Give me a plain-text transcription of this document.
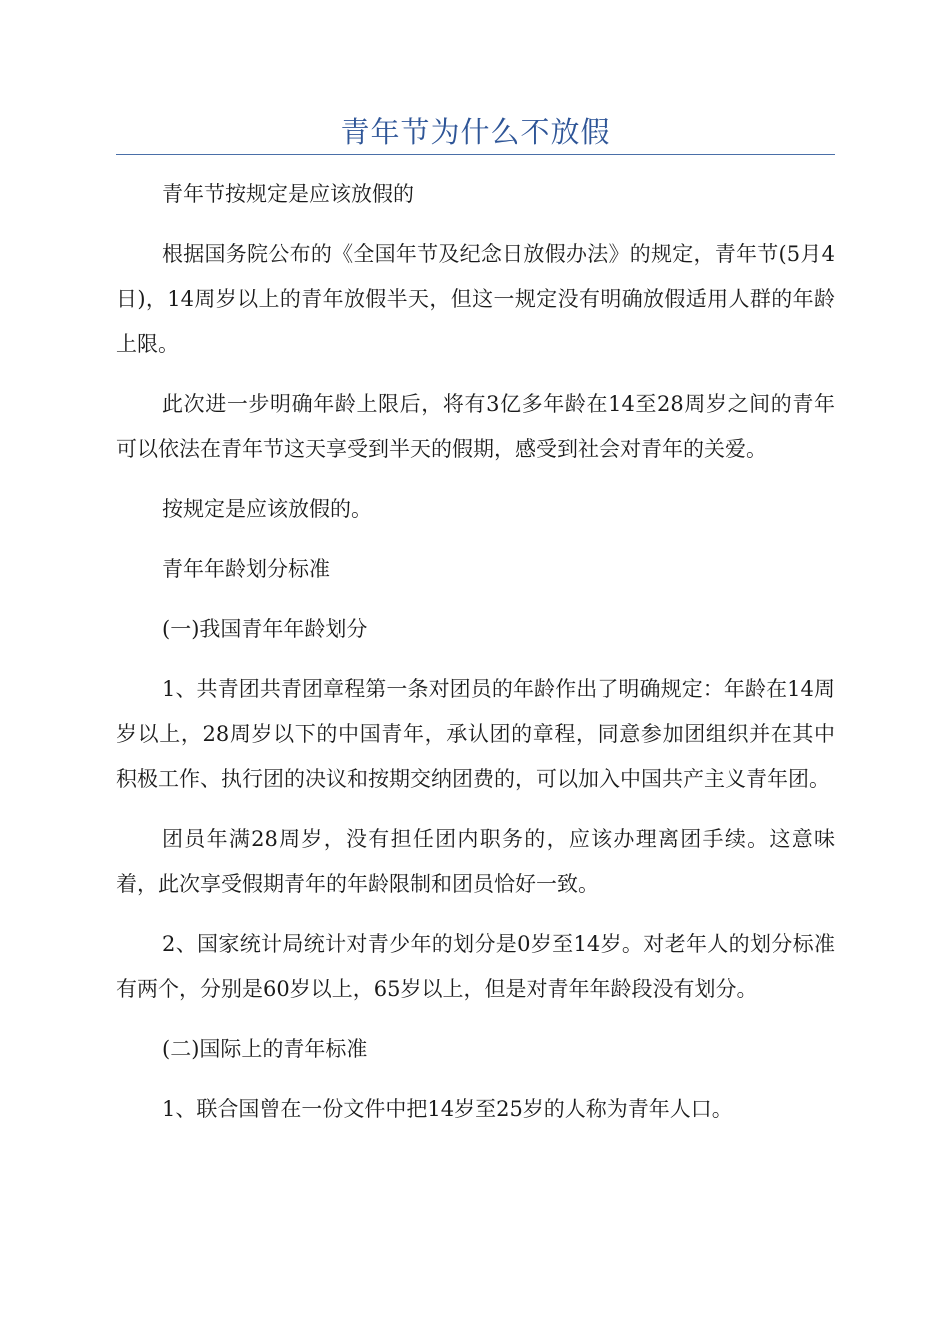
青年节为什么不放假

青年节按规定是应该放假的

根据国务院公布的《全国年节及纪念日放假办法》的规定，青年节(5月4日)，14周岁以上的青年放假半天，但这一规定没有明确放假适用人群的年龄上限。

此次进一步明确年龄上限后，将有3亿多年龄在14至28周岁之间的青年可以依法在青年节这天享受到半天的假期，感受到社会对青年的关爱。

按规定是应该放假的。

青年年龄划分标准

(一)我国青年年龄划分

1、共青团共青团章程第一条对团员的年龄作出了明确规定：年龄在14周岁以上，28周岁以下的中国青年，承认团的章程，同意参加团组织并在其中积极工作、执行团的决议和按期交纳团费的，可以加入中国共产主义青年团。

团员年满28周岁，没有担任团内职务的，应该办理离团手续。这意味着，此次享受假期青年的年龄限制和团员恰好一致。

2、国家统计局统计对青少年的划分是0岁至14岁。对老年人的划分标准有两个，分别是60岁以上，65岁以上，但是对青年年龄段没有划分。

(二)国际上的青年标准

1、联合国曾在一份文件中把14岁至25岁的人称为青年人口。
